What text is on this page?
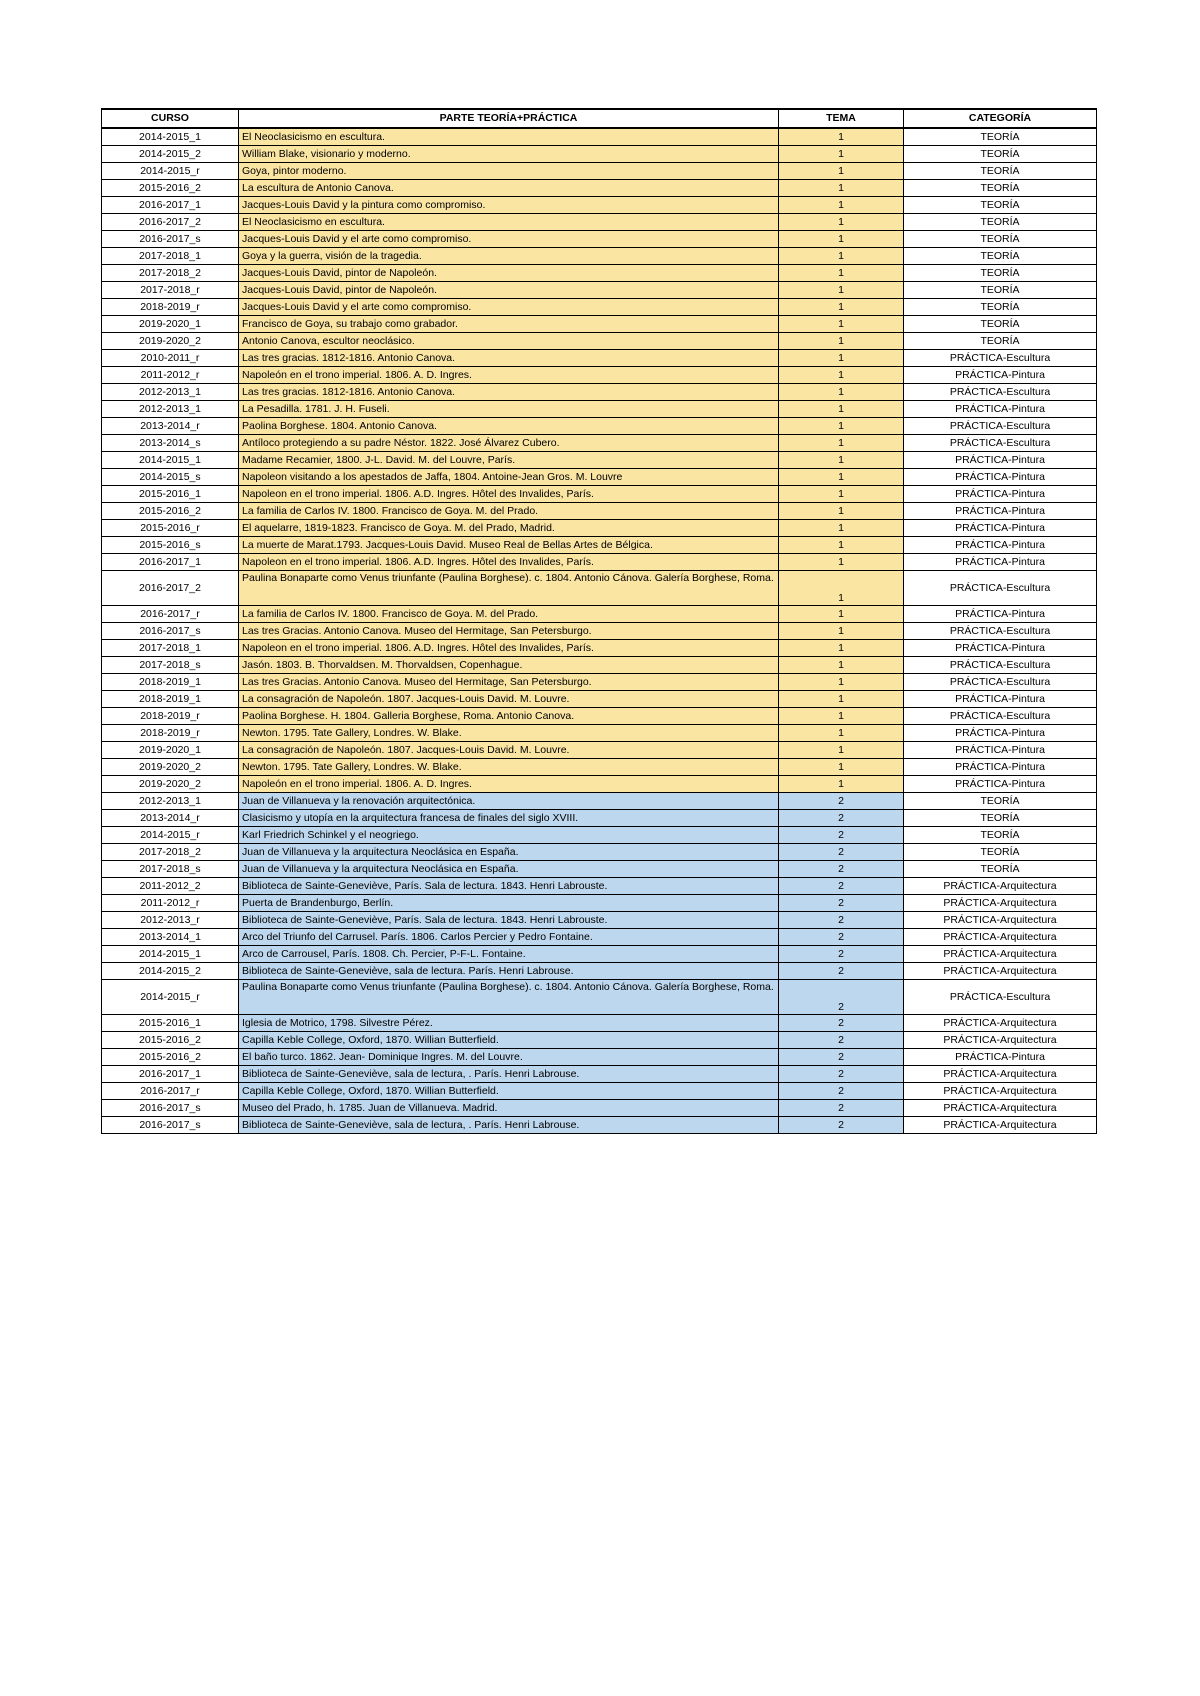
CURSO	PARTE TEORÍA+PRÁCTICA	TEMA	CATEGORÍA
2014-2015_1	El Neoclasicismo en escultura.	1	TEORÍA
2014-2015_2	William Blake, visionario y moderno.	1	TEORÍA
2014-2015_r	Goya, pintor moderno.	1	TEORÍA
2015-2016_2	La escultura de Antonio Canova.	1	TEORÍA
2016-2017_1	Jacques-Louis David y la pintura como compromiso.	1	TEORÍA
2016-2017_2	El Neoclasicismo en escultura.	1	TEORÍA
2016-2017_s	Jacques-Louis David y el arte como compromiso.	1	TEORÍA
2017-2018_1	Goya y la guerra, visión de la tragedia.	1	TEORÍA
2017-2018_2	Jacques-Louis David, pintor de Napoleón.	1	TEORÍA
2017-2018_r	Jacques-Louis David, pintor de Napoleón.	1	TEORÍA
2018-2019_r	Jacques-Louis David y el arte como compromiso.	1	TEORÍA
2019-2020_1	Francisco de Goya, su trabajo como grabador.	1	TEORÍA
2019-2020_2	Antonio Canova, escultor neoclásico.	1	TEORÍA
2010-2011_r	Las tres gracias. 1812-1816. Antonio Canova.	1	PRÁCTICA-Escultura
2011-2012_r	Napoleón en el trono imperial. 1806. A. D. Ingres.	1	PRÁCTICA-Pintura
2012-2013_1	Las tres gracias. 1812-1816. Antonio Canova.	1	PRÁCTICA-Escultura
2012-2013_1	La Pesadilla. 1781. J. H. Fuseli.	1	PRÁCTICA-Pintura
2013-2014_r	Paolina Borghese. 1804. Antonio Canova.	1	PRÁCTICA-Escultura
2013-2014_s	Antíloco protegiendo a su padre Néstor. 1822. José Álvarez Cubero.	1	PRÁCTICA-Escultura
2014-2015_1	Madame Recamier, 1800. J-L. David. M. del Louvre, París.	1	PRÁCTICA-Pintura
2014-2015_s	Napoleon visitando a los apestados de Jaffa, 1804. Antoine-Jean Gros. M. Louvre	1	PRÁCTICA-Pintura
2015-2016_1	Napoleon en el trono imperial. 1806. A.D. Ingres. Hôtel des Invalides, París.	1	PRÁCTICA-Pintura
2015-2016_2	La familia de Carlos IV. 1800. Francisco de Goya. M. del Prado.	1	PRÁCTICA-Pintura
2015-2016_r	El aquelarre, 1819-1823. Francisco de Goya. M. del Prado, Madrid.	1	PRÁCTICA-Pintura
2015-2016_s	La muerte de Marat.1793. Jacques-Louis David. Museo Real de Bellas Artes de Bélgica.	1	PRÁCTICA-Pintura
2016-2017_1	Napoleon en el trono imperial. 1806. A.D. Ingres. Hôtel des Invalides, París.	1	PRÁCTICA-Pintura
2016-2017_2	Paulina Bonaparte como Venus triunfante (Paulina Borghese). c. 1804. Antonio Cánova. Galería Borghese, Roma.	1	PRÁCTICA-Escultura
2016-2017_r	La familia de Carlos IV. 1800. Francisco de Goya. M. del Prado.	1	PRÁCTICA-Pintura
2016-2017_s	Las tres Gracias. Antonio Canova. Museo del Hermitage, San Petersburgo.	1	PRÁCTICA-Escultura
2017-2018_1	Napoleon en el trono imperial. 1806. A.D. Ingres. Hôtel des Invalides, París.	1	PRÁCTICA-Pintura
2017-2018_s	Jasón. 1803. B. Thorvaldsen. M. Thorvaldsen, Copenhague.	1	PRÁCTICA-Escultura
2018-2019_1	Las tres Gracias. Antonio Canova. Museo del Hermitage, San Petersburgo.	1	PRÁCTICA-Escultura
2018-2019_1	La consagración de Napoleón. 1807. Jacques-Louis David. M. Louvre.	1	PRÁCTICA-Pintura
2018-2019_r	Paolina Borghese. H. 1804. Galleria Borghese, Roma. Antonio Canova.	1	PRÁCTICA-Escultura
2018-2019_r	Newton. 1795. Tate Gallery, Londres. W. Blake.	1	PRÁCTICA-Pintura
2019-2020_1	La consagración de Napoleón. 1807. Jacques-Louis David. M. Louvre.	1	PRÁCTICA-Pintura
2019-2020_2	Newton. 1795. Tate Gallery, Londres. W. Blake.	1	PRÁCTICA-Pintura
2019-2020_2	Napoleón en el trono imperial. 1806. A. D. Ingres.	1	PRÁCTICA-Pintura
2012-2013_1	Juan de Villanueva y la renovación arquitectónica.	2	TEORÍA
2013-2014_r	Clasicismo y utopía en la arquitectura francesa de finales del siglo XVIII.	2	TEORÍA
2014-2015_r	Karl Friedrich Schinkel y el neogriego.	2	TEORÍA
2017-2018_2	Juan de Villanueva y la arquitectura Neoclásica en España.	2	TEORÍA
2017-2018_s	Juan de Villanueva y la arquitectura Neoclásica en España.	2	TEORÍA
2011-2012_2	Biblioteca de Sainte-Geneviève, París. Sala de lectura. 1843. Henri Labrouste.	2	PRÁCTICA-Arquitectura
2011-2012_r	Puerta de Brandenburgo, Berlín.	2	PRÁCTICA-Arquitectura
2012-2013_r	Biblioteca de Sainte-Geneviève, París. Sala de lectura. 1843. Henri Labrouste.	2	PRÁCTICA-Arquitectura
2013-2014_1	Arco del Triunfo del Carrusel. París. 1806. Carlos Percier y Pedro Fontaine.	2	PRÁCTICA-Arquitectura
2014-2015_1	Arco de Carrousel, París. 1808. Ch. Percier, P-F-L. Fontaine.	2	PRÁCTICA-Arquitectura
2014-2015_2	Biblioteca de Sainte-Geneviève, sala de lectura. París. Henri Labrouse.	2	PRÁCTICA-Arquitectura
2014-2015_r	Paulina Bonaparte como Venus triunfante (Paulina Borghese). c. 1804. Antonio Cánova. Galería Borghese, Roma.	2	PRÁCTICA-Escultura
2015-2016_1	Iglesia de Motrico, 1798. Silvestre Pérez.	2	PRÁCTICA-Arquitectura
2015-2016_2	Capilla Keble College, Oxford, 1870. Willian Butterfield.	2	PRÁCTICA-Arquitectura
2015-2016_2	El baño turco. 1862. Jean- Dominique Ingres. M. del Louvre.	2	PRÁCTICA-Pintura
2016-2017_1	Biblioteca de Sainte-Geneviève, sala de lectura, . París. Henri Labrouse.	2	PRÁCTICA-Arquitectura
2016-2017_r	Capilla Keble College, Oxford, 1870. Willian Butterfield.	2	PRÁCTICA-Arquitectura
2016-2017_s	Museo del Prado, h. 1785. Juan de Villanueva. Madrid.	2	PRÁCTICA-Arquitectura
2016-2017_s	Biblioteca de Sainte-Geneviève, sala de lectura, . París. Henri Labrouse.	2	PRÁCTICA-Arquitectura
